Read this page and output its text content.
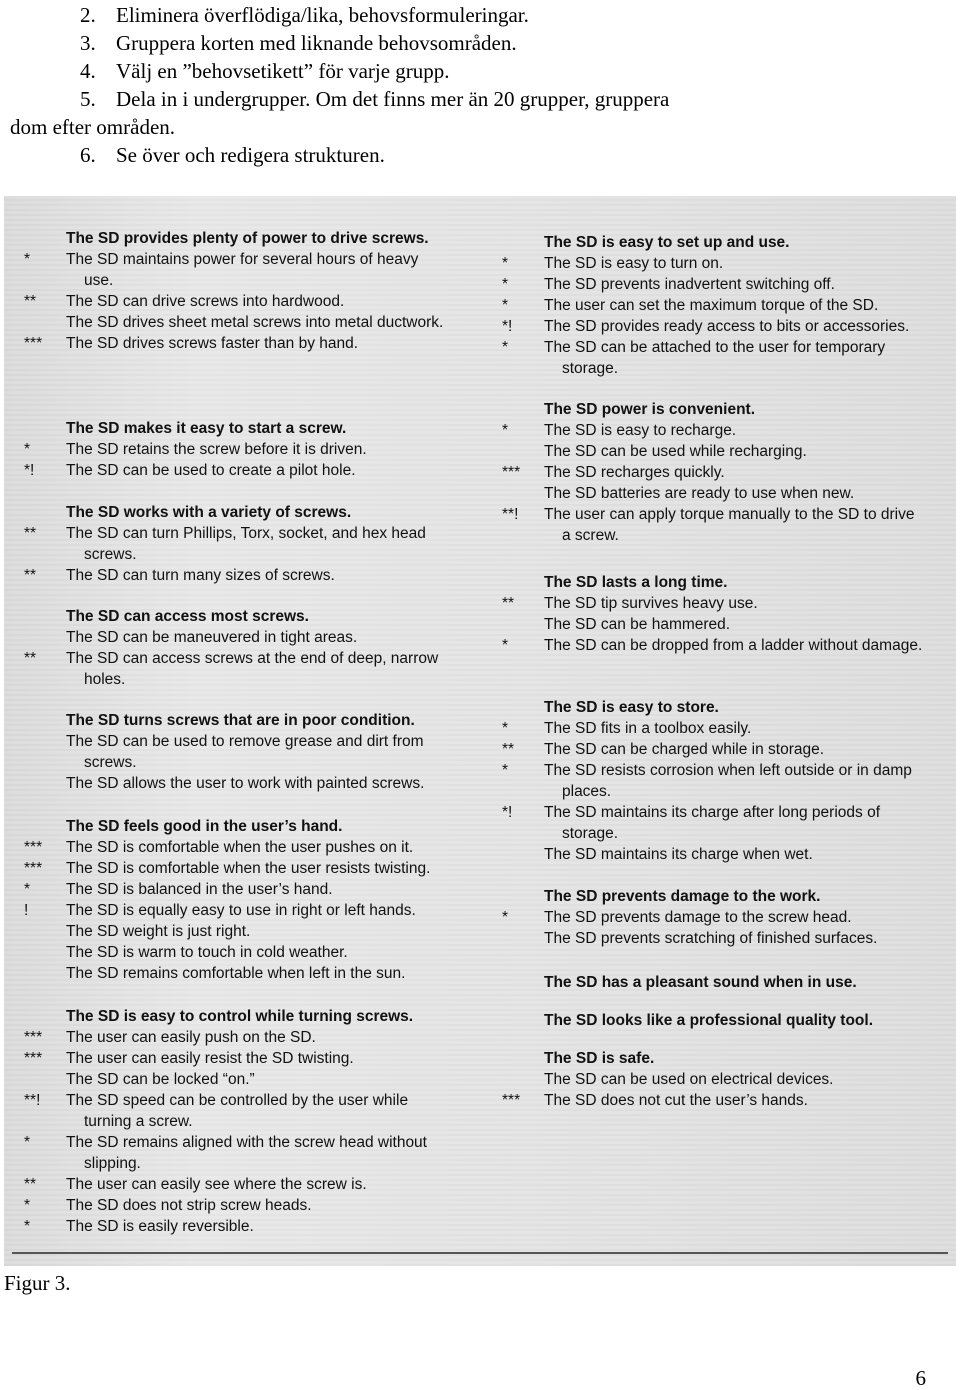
2. Eliminera överflödiga/lika, behovsformuleringar.
3. Gruppera korten med liknande behovsområden.
4. Välj en ”behovsetikett” för varje grupp.
5. Dela in i undergrupper. Om det finns mer än 20 grupper, gruppera
dom efter områden.
6. Se över och redigera strukturen.
The SD provides plenty of power to drive screws.
*	The SD maintains power for several hours of heavy use.
**	The SD can drive screws into hardwood.
The SD drives sheet metal screws into metal ductwork.
***	The SD drives screws faster than by hand.
The SD makes it easy to start a screw.
*	The SD retains the screw before it is driven.
*!	The SD can be used to create a pilot hole.
The SD works with a variety of screws.
**	The SD can turn Phillips, Torx, socket, and hex head screws.
**	The SD can turn many sizes of screws.
The SD can access most screws.
The SD can be maneuvered in tight areas.
**	The SD can access screws at the end of deep, narrow holes.
The SD turns screws that are in poor condition.
The SD can be used to remove grease and dirt from screws.
The SD allows the user to work with painted screws.
The SD feels good in the user’s hand.
***	The SD is comfortable when the user pushes on it.
***	The SD is comfortable when the user resists twisting.
*	The SD is balanced in the user’s hand.
!	The SD is equally easy to use in right or left hands.
The SD weight is just right.
The SD is warm to touch in cold weather.
The SD remains comfortable when left in the sun.
The SD is easy to control while turning screws.
***	The user can easily push on the SD.
***	The user can easily resist the SD twisting.
The SD can be locked “on.”
**!	The SD speed can be controlled by the user while turning a screw.
*	The SD remains aligned with the screw head without slipping.
**	The user can easily see where the screw is.
*	The SD does not strip screw heads.
*	The SD is easily reversible.
The SD is easy to set up and use.
*	The SD is easy to turn on.
*	The SD prevents inadvertent switching off.
*	The user can set the maximum torque of the SD.
*!	The SD provides ready access to bits or accessories.
*	The SD can be attached to the user for temporary storage.
The SD power is convenient.
*	The SD is easy to recharge.
The SD can be used while recharging.
***	The SD recharges quickly.
The SD batteries are ready to use when new.
**!	The user can apply torque manually to the SD to drive a screw.
The SD lasts a long time.
**	The SD tip survives heavy use.
The SD can be hammered.
*	The SD can be dropped from a ladder without damage.
The SD is easy to store.
*	The SD fits in a toolbox easily.
**	The SD can be charged while in storage.
*	The SD resists corrosion when left outside or in damp places.
*!	The SD maintains its charge after long periods of storage.
The SD maintains its charge when wet.
The SD prevents damage to the work.
*	The SD prevents damage to the screw head.
The SD prevents scratching of finished surfaces.
The SD has a pleasant sound when in use.
The SD looks like a professional quality tool.
The SD is safe.
The SD can be used on electrical devices.
***	The SD does not cut the user’s hands.
Figur 3.
6
